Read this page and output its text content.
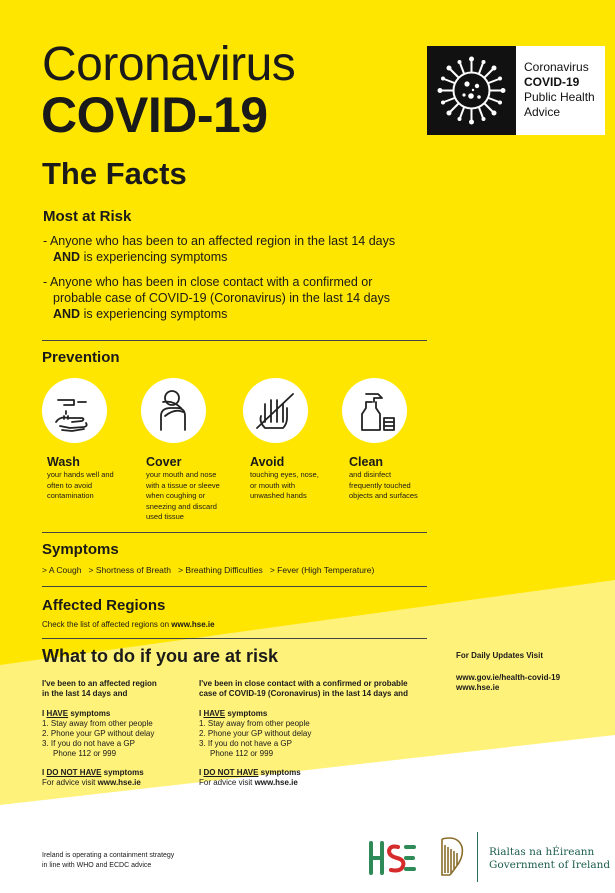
Coronavirus
COVID-19
The Facts
Coronavirus
COVID-19
Public Health
Advice
Most at Risk
- Anyone who has been to an affected region in the last 14 days
AND is experiencing symptoms
- Anyone who has been in close contact with a confirmed or
probable case of COVID-19 (Coronavirus) in the last 14 days
AND is experiencing symptoms
Prevention
Wash
your hands well and
often to avoid
contamination
Cover
your mouth and nose
with a tissue or sleeve
when coughing or
sneezing and discard
used tissue
Avoid
touching eyes, nose,
or mouth with
unwashed hands
Clean
and disinfect
frequently touched
objects and surfaces
Symptoms
> A Cough   > Shortness of Breath   > Breathing Difficulties   > Fever (High Temperature)
Affected Regions
Check the list of affected regions on www.hse.ie
What to do if you are at risk
I've been to an affected region
in the last 14 days and
I HAVE symptoms
1. Stay away from other people
2. Phone your GP without delay
3. If you do not have a GP
Phone 112 or 999
I DO NOT HAVE symptoms
For advice visit www.hse.ie
I've been in close contact with a confirmed or probable
case of COVID-19 (Coronavirus) in the last 14 days and
I HAVE symptoms
1. Stay away from other people
2. Phone your GP without delay
3. If you do not have a GP
Phone 112 or 999
I DO NOT HAVE symptoms
For advice visit www.hse.ie
For Daily Updates Visit
www.gov.ie/health-covid-19
www.hse.ie
Ireland is operating a containment strategy
in line with WHO and ECDC advice
Rialtas na hÉireann
Government of Ireland
